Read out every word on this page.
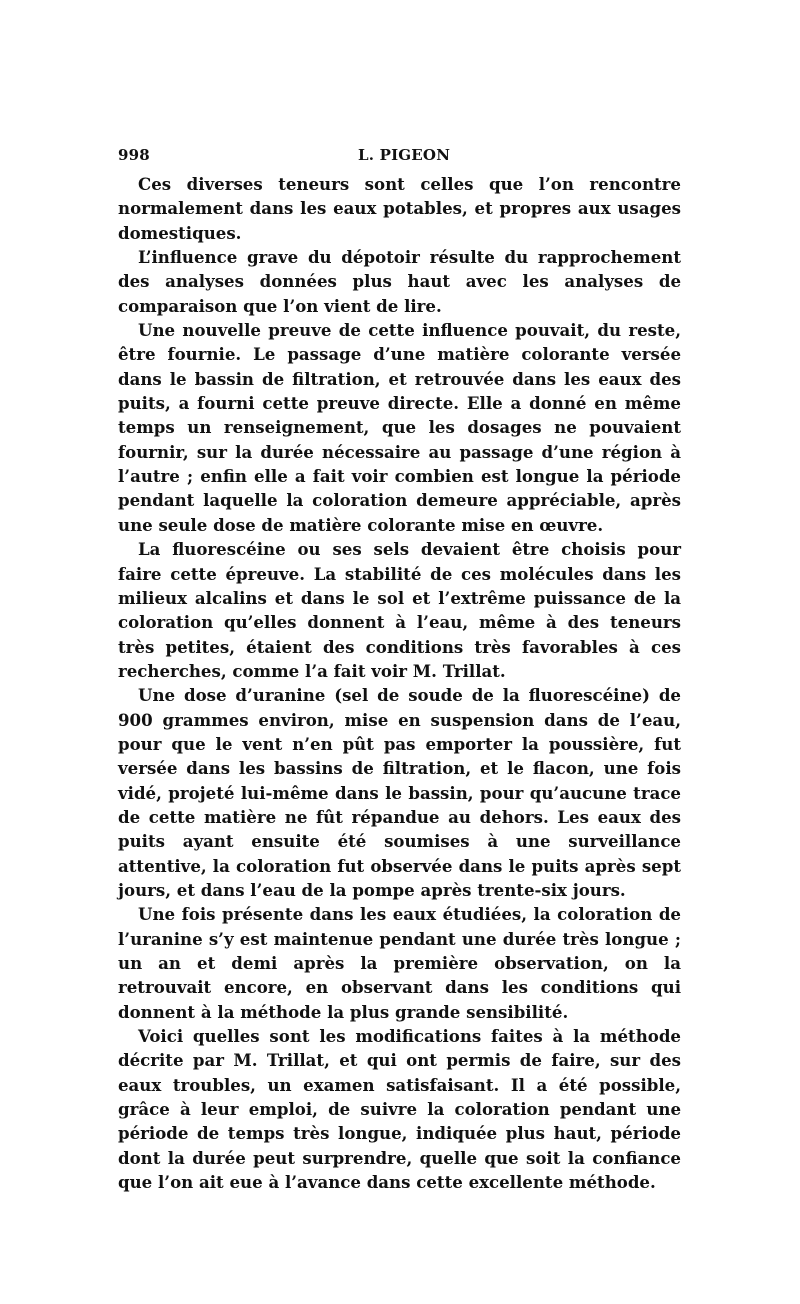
998	L. PIGEON

Ces diverses teneurs sont celles que l’on rencontre normalement dans les eaux potables, et propres aux usages domestiques.

L’influence grave du dépotoir résulte du rapprochement des analyses données plus haut avec les analyses de comparaison que l’on vient de lire.

Une nouvelle preuve de cette influence pouvait, du reste, être fournie. Le passage d’une matière colorante versée dans le bassin de filtration, et retrouvée dans les eaux des puits, a fourni cette preuve directe. Elle a donné en même temps un renseignement, que les dosages ne pouvaient fournir, sur la durée nécessaire au passage d’une région à l’autre ; enfin elle a fait voir combien est longue la période pendant laquelle la coloration demeure appréciable, après une seule dose de matière colorante mise en œuvre.

La fluorescéine ou ses sels devaient être choisis pour faire cette épreuve. La stabilité de ces molécules dans les milieux alcalins et dans le sol et l’extrême puissance de la coloration qu’elles donnent à l’eau, même à des teneurs très petites, étaient des conditions très favorables à ces recherches, comme l’a fait voir M. Trillat.

Une dose d’uranine (sel de soude de la fluorescéine) de 900 grammes environ, mise en suspension dans de l’eau, pour que le vent n’en pût pas emporter la poussière, fut versée dans les bassins de filtration, et le flacon, une fois vidé, projeté lui-même dans le bassin, pour qu’aucune trace de cette matière ne fût répandue au dehors. Les eaux des puits ayant ensuite été soumises à une surveillance attentive, la coloration fut observée dans le puits après sept jours, et dans l’eau de la pompe après trente-six jours.

Une fois présente dans les eaux étudiées, la coloration de l’uranine s’y est maintenue pendant une durée très longue ; un an et demi après la première observation, on la retrouvait encore, en observant dans les conditions qui donnent à la méthode la plus grande sensibilité.

Voici quelles sont les modifications faites à la méthode décrite par M. Trillat, et qui ont permis de faire, sur des eaux troubles, un examen satisfaisant. Il a été possible, grâce à leur emploi, de suivre la coloration pendant une période de temps très longue, indiquée plus haut, période dont la durée peut surprendre, quelle que soit la confiance que l’on ait eue à l’avance dans cette excellente méthode.
